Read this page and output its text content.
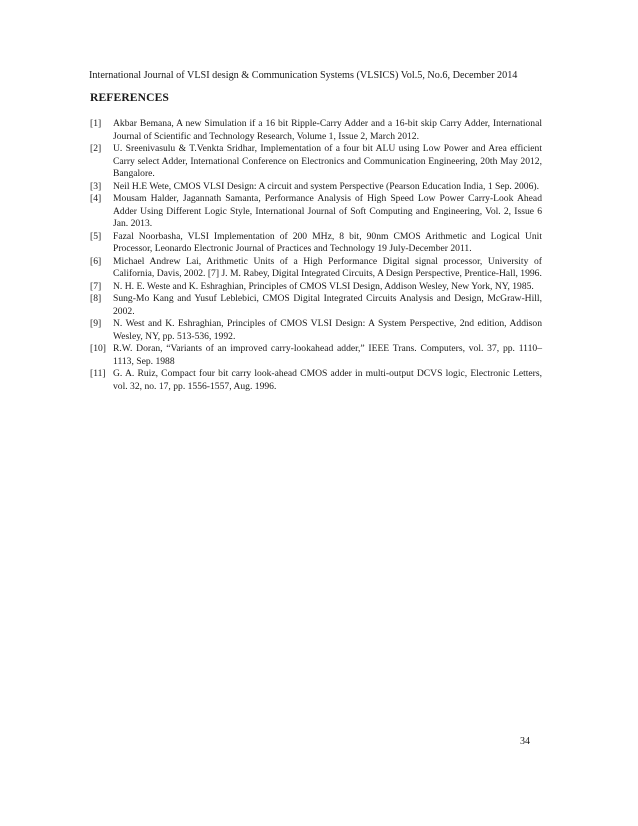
International Journal of VLSI design & Communication Systems (VLSICS) Vol.5, No.6, December 2014
REFERENCES
[1] Akbar Bemana, A new Simulation if a 16 bit Ripple-Carry Adder and a 16-bit skip Carry Adder, International Journal of Scientific and Technology Research, Volume 1, Issue 2, March 2012.
[2] U. Sreenivasulu & T.Venkta Sridhar, Implementation of a four bit ALU using Low Power and Area efficient Carry select Adder, International Conference on Electronics and Communication Engineering, 20th May 2012, Bangalore.
[3] Neil H.E Wete, CMOS VLSI Design: A circuit and system Perspective (Pearson Education India, 1 Sep. 2006).
[4] Mousam Halder, Jagannath Samanta, Performance Analysis of High Speed Low Power Carry-Look Ahead Adder Using Different Logic Style, International Journal of Soft Computing and Engineering, Vol. 2, Issue 6 Jan. 2013.
[5] Fazal Noorbasha, VLSI Implementation of 200 MHz, 8 bit, 90nm CMOS Arithmetic and Logical Unit Processor, Leonardo Electronic Journal of Practices and Technology 19 July-December 2011.
[6] Michael Andrew Lai, Arithmetic Units of a High Performance Digital signal processor, University of California, Davis, 2002. [7] J. M. Rabey, Digital Integrated Circuits, A Design Perspective, Prentice-Hall, 1996.
[7] N. H. E. Weste and K. Eshraghian, Principles of CMOS VLSI Design, Addison Wesley, New York, NY, 1985.
[8] Sung-Mo Kang and Yusuf Leblebici, CMOS Digital Integrated Circuits Analysis and Design, McGraw-Hill, 2002.
[9] N. West and K. Eshraghian, Principles of CMOS VLSI Design: A System Perspective, 2nd edition, Addison Wesley, NY, pp. 513-536, 1992.
[10] R.W. Doran, “Variants of an improved carry-lookahead adder,” IEEE Trans. Computers, vol. 37, pp. 1110–1113, Sep. 1988
[11] G. A. Ruiz, Compact four bit carry look-ahead CMOS adder in multi-output DCVS logic, Electronic Letters, vol. 32, no. 17, pp. 1556-1557, Aug. 1996.
34
